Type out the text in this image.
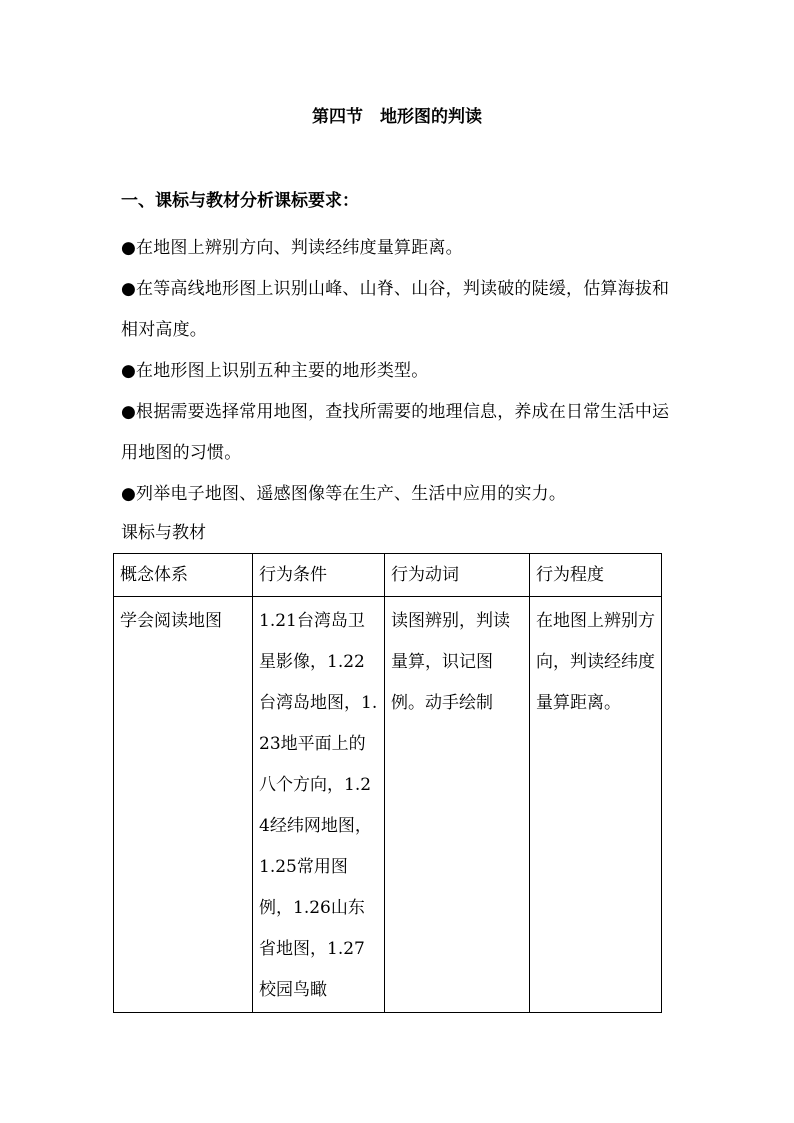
第四节　地形图的判读
一、课标与教材分析课标要求：
●在地图上辨别方向、判读经纬度量算距离。
●在等高线地形图上识别山峰、山脊、山谷，判读破的陡缓，估算海拔和相对高度。
●在地形图上识别五种主要的地形类型。
●根据需要选择常用地图，查找所需要的地理信息，养成在日常生活中运用地图的习惯。
●列举电子地图、遥感图像等在生产、生活中应用的实力。
课标与教材
概念体系	行为条件	行为动词	行为程度
学会阅读地图	1.21台湾岛卫星影像，1.22台湾岛地图，1.23地平面上的八个方向，1.24经纬网地图，1.25常用图例，1.26山东省地图，1.27校园鸟瞰	读图辨别，判读量算，识记图例。动手绘制	在地图上辨别方向，判读经纬度量算距离。
